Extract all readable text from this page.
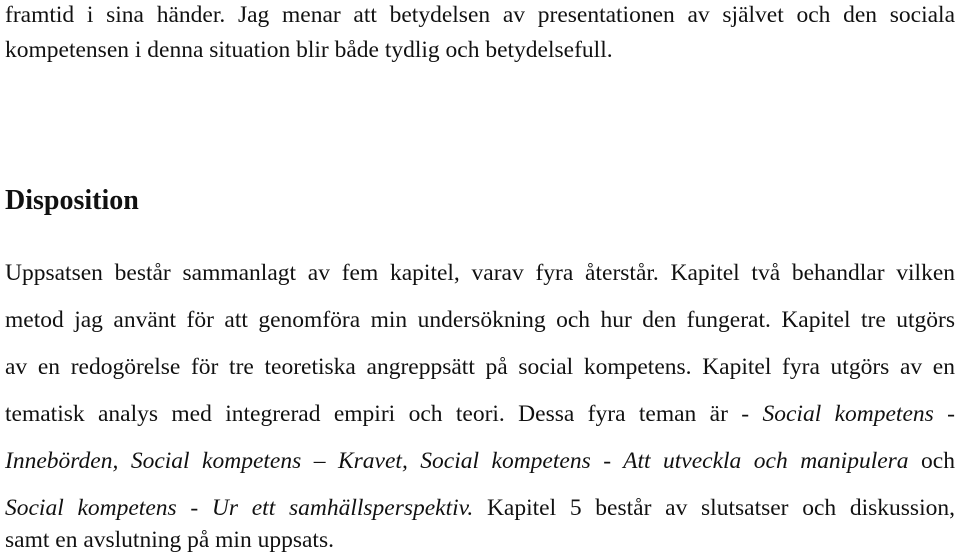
framtid i sina händer. Jag menar att betydelsen av presentationen av självet och den sociala
kompetensen i denna situation blir både tydlig och betydelsefull.
Disposition
Uppsatsen består sammanlagt av fem kapitel, varav fyra återstår. Kapitel två behandlar vilken
metod jag använt för att genomföra min undersökning och hur den fungerat. Kapitel tre utgörs
av en redogörelse för tre teoretiska angreppsätt på social kompetens. Kapitel fyra utgörs av en
tematisk analys med integrerad empiri och teori. Dessa fyra teman är - Social kompetens -
Innebörden, Social kompetens – Kravet, Social kompetens - Att utveckla och manipulera och
Social kompetens - Ur ett samhällsperspektiv. Kapitel 5 består av slutsatser och diskussion,
samt en avslutning på min uppsats.
